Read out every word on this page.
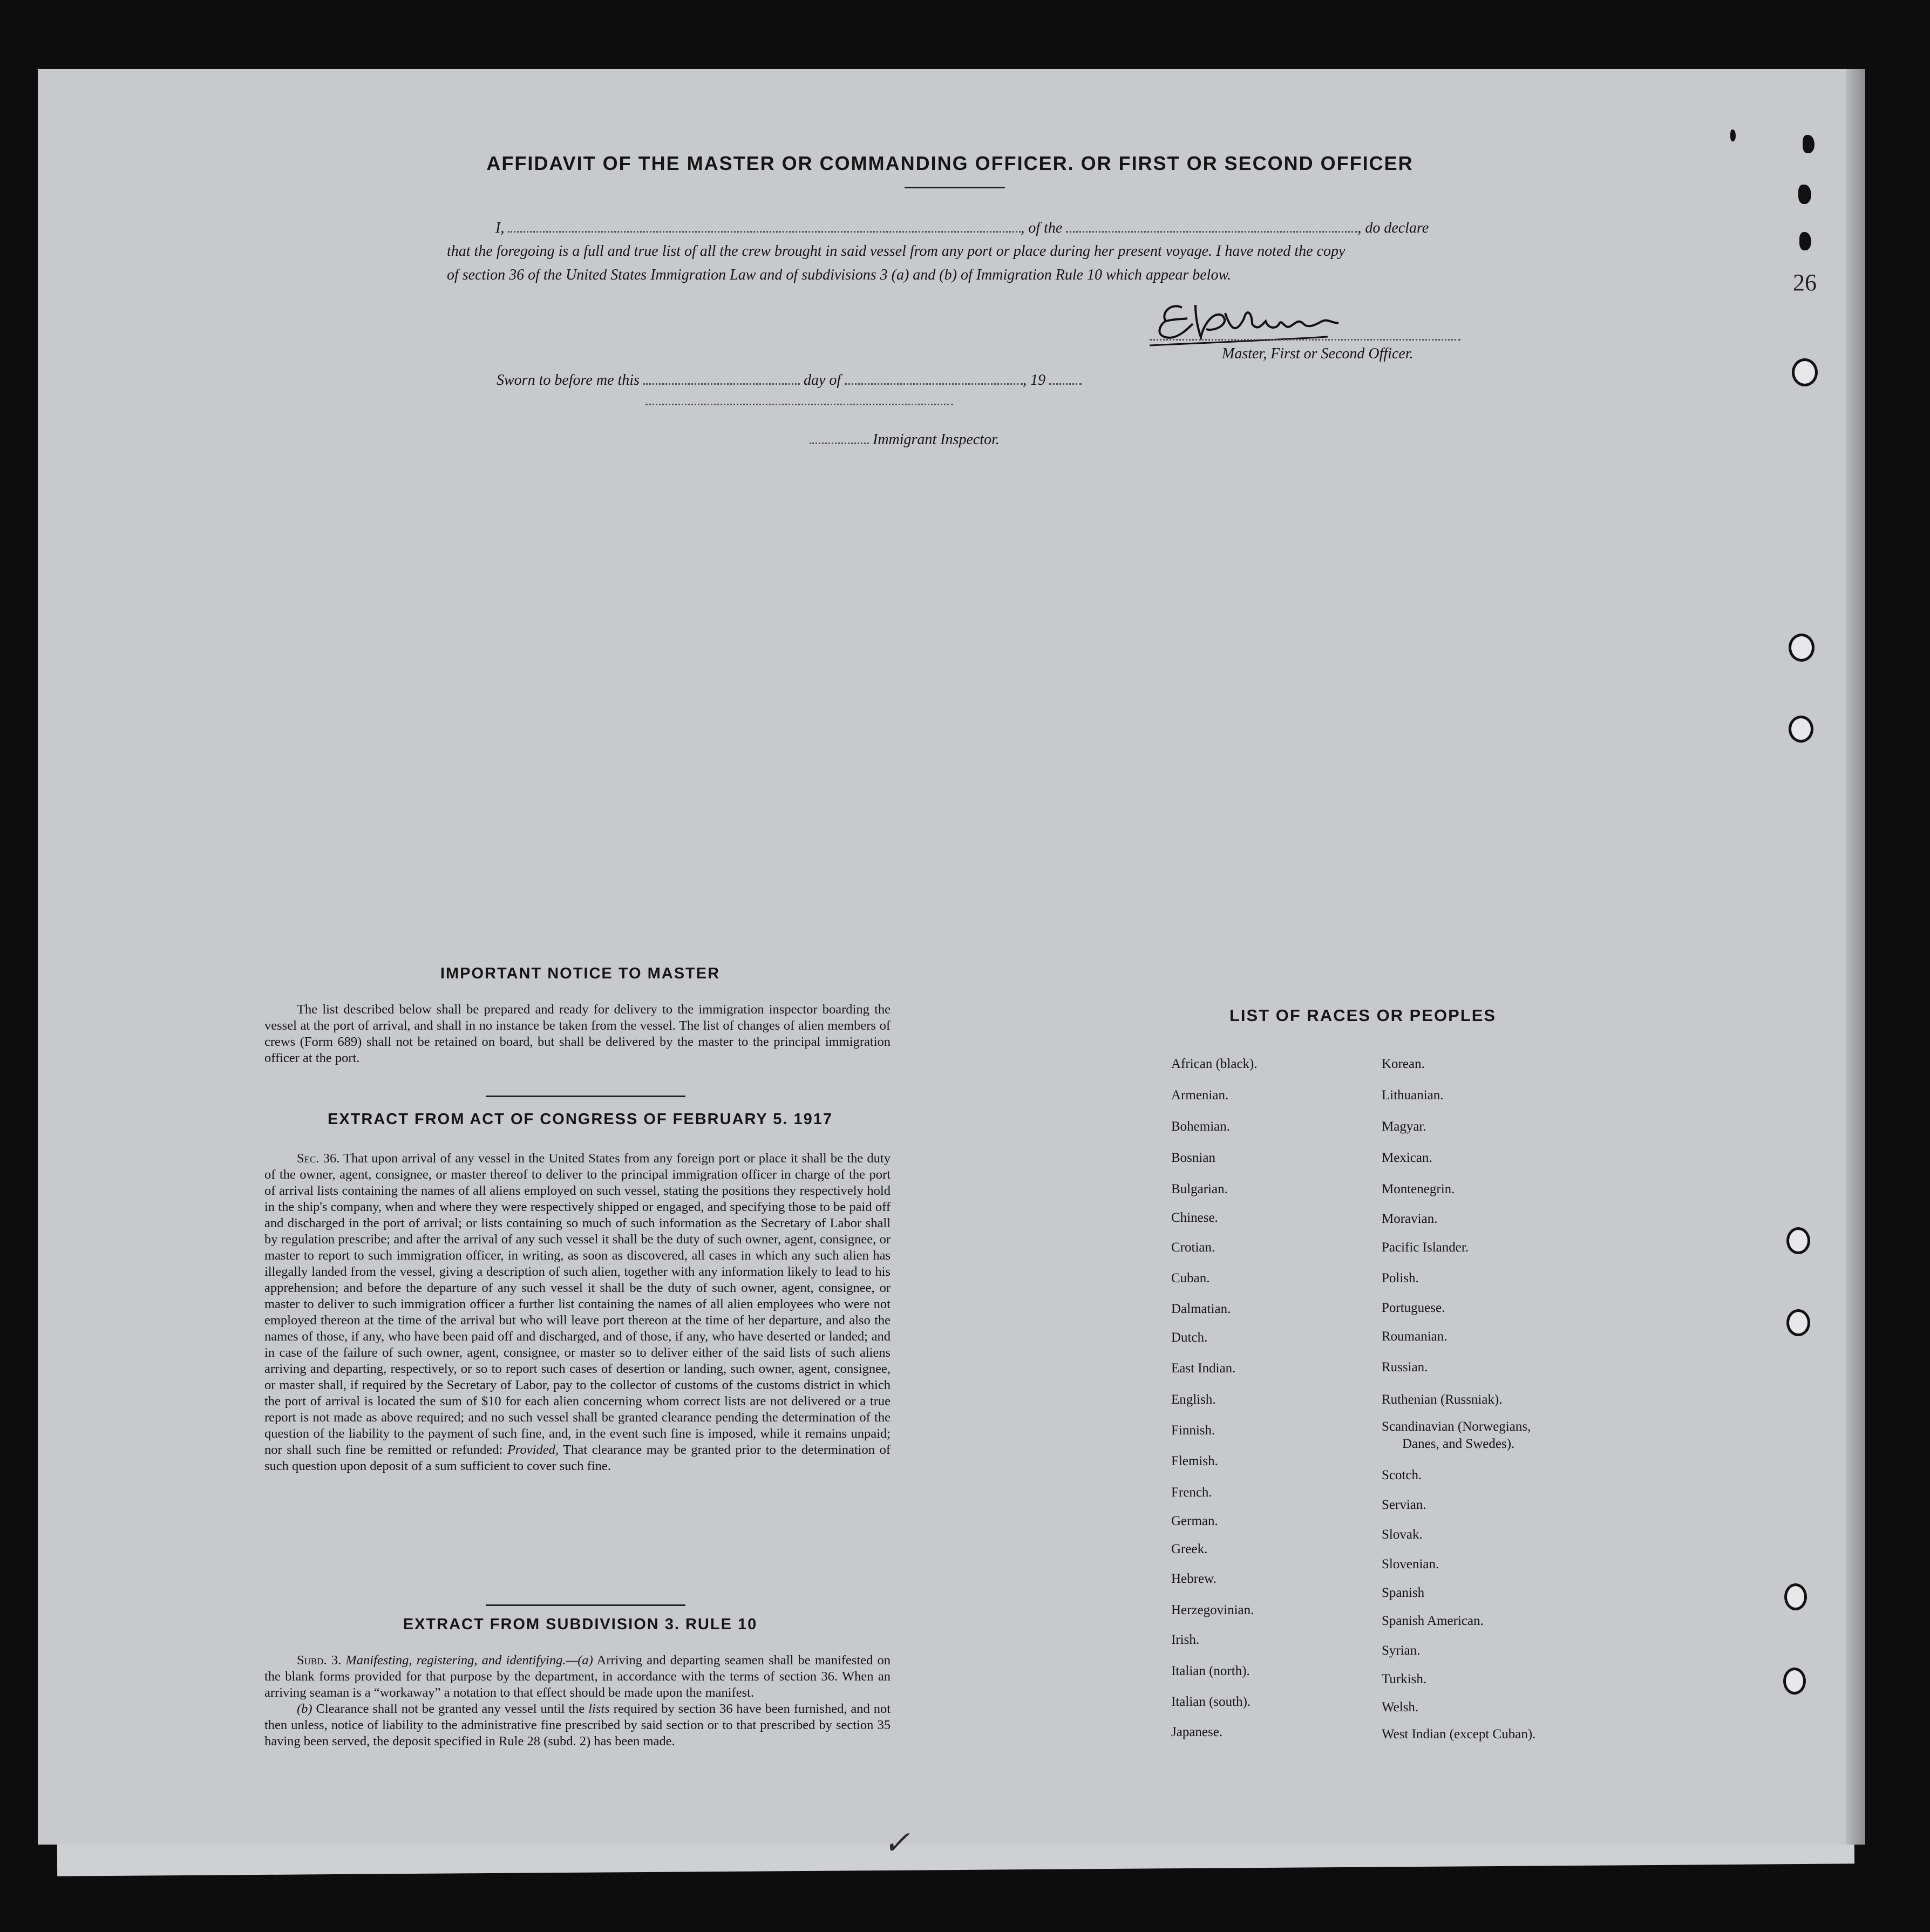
26
AFFIDAVIT OF THE MASTER OR COMMANDING OFFICER. OR FIRST OR SECOND OFFICER
I,	, of the	, do declare
that the foregoing is a full and true list of all the crew brought in said vessel from any port or place during her present voyage. I have noted the copy
of section 36 of the United States Immigration Law and of subdivisions 3 (a) and (b) of Immigration Rule 10 which appear below.
Master, First or Second Officer.
Sworn to before me this	day of	, 19
Immigrant Inspector.
IMPORTANT NOTICE TO MASTER

The list described below shall be prepared and ready for delivery to the immigration inspector boarding the vessel at the port of arrival, and shall in no instance be taken from the vessel. The list of changes of alien members of crews (Form 689) shall not be retained on board, but shall be delivered by the master to the principal immigration officer at the port.

EXTRACT FROM ACT OF CONGRESS OF FEBRUARY 5. 1917

Sec. 36. That upon arrival of any vessel in the United States from any foreign port or place it shall be the duty of the owner, agent, consignee, or master thereof to deliver to the principal immigration officer in charge of the port of arrival lists containing the names of all aliens employed on such vessel, stating the positions they respectively hold in the ship's company, when and where they were respectively shipped or engaged, and specifying those to be paid off and discharged in the port of arrival; or lists containing so much of such information as the Secretary of Labor shall by regulation prescribe; and after the arrival of any such vessel it shall be the duty of such owner, agent, consignee, or master to report to such immigration officer, in writing, as soon as discovered, all cases in which any such alien has illegally landed from the vessel, giving a description of such alien, together with any information likely to lead to his apprehension; and before the departure of any such vessel it shall be the duty of such owner, agent, consignee, or master to deliver to such immigration officer a further list containing the names of all alien employees who were not employed thereon at the time of the arrival but who will leave port thereon at the time of her departure, and also the names of those, if any, who have been paid off and discharged, and of those, if any, who have deserted or landed; and in case of the failure of such owner, agent, consignee, or master so to deliver either of the said lists of such aliens arriving and departing, respectively, or so to report such cases of desertion or landing, such owner, agent, consignee, or master shall, if required by the Secretary of Labor, pay to the collector of customs of the customs district in which the port of arrival is located the sum of $10 for each alien concerning whom correct lists are not delivered or a true report is not made as above required; and no such vessel shall be granted clearance pending the determination of the question of the liability to the payment of such fine, and, in the event such fine is imposed, while it remains unpaid; nor shall such fine be remitted or refunded: Provided, That clearance may be granted prior to the determination of such question upon deposit of a sum sufficient to cover such fine.

EXTRACT FROM SUBDIVISION 3. RULE 10

Subd. 3. Manifesting, registering, and identifying.—(a) Arriving and departing seamen shall be manifested on the blank forms provided for that purpose by the department, in accordance with the terms of section 36. When an arriving seaman is a “workaway” a notation to that effect should be made upon the manifest.

(b) Clearance shall not be granted any vessel until the lists required by section 36 have been furnished, and not then unless, notice of liability to the administrative fine prescribed by said section or to that prescribed by section 35 having been served, the deposit specified in Rule 28 (subd. 2) has been made.

LIST OF RACES OR PEOPLES
African (black).
Armenian.
Bohemian.
Bosnian
Bulgarian.
Chinese.
Crotian.
Cuban.
Dalmatian.
Dutch.
East Indian.
English.
Finnish.
Flemish.
French.
German.
Greek.
Hebrew.
Herzegovinian.
Irish.
Italian (north).
Italian (south).
Japanese.
Korean.
Lithuanian.
Magyar.
Mexican.
Montenegrin.
Moravian.
Pacific Islander.
Polish.
Portuguese.
Roumanian.
Russian.
Ruthenian (Russniak).
Scandinavian (Norwegians,
Danes, and Swedes).
Scotch.
Servian.
Slovak.
Slovenian.
Spanish
Spanish American.
Syrian.
Turkish.
Welsh.
West Indian (except Cuban).
✓
